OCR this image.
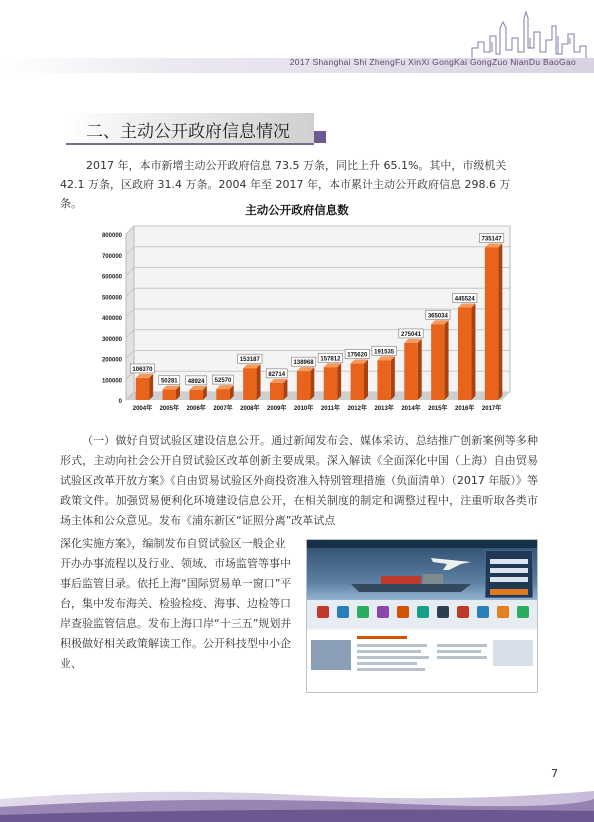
2017 Shanghai Shi ZhengFu XinXi GongKai GongZuo NianDu BaoGao
二、主动公开政府信息情况
2017 年，本市新增主动公开政府信息 73.5 万条，同比上升 65.1%。其中，市级机关
42.1 万条，区政府 31.4 万条。2004 年至 2017 年，本市累计主动公开政府信息 298.6 万条。	主动公开政府信息数
0
100000
200000
300000
400000
500000
600000
700000
800000
106370
2004年
50281
2005年
48924
2006年
52570
2007年
153187
2008年
82714
2009年
138968
2010年
157812
2011年
175620
2012年
191535
2013年
275041
2014年
365034
2015年
445524
2016年
735147
2017年

（一）做好自贸试验区建设信息公开。通过新闻发布会、媒体采访、总结推广创新案例等多种形式，主动向社会公开自贸试验区改革创新主要成果。深入解读《全面深化中国（上海）自由贸易试验区改革开放方案》《自由贸易试验区外商投资准入特别管理措施（负面清单）（2017 年版）》等政策文件。加强贸易便利化环境建设信息公开，在相关制度的制定和调整过程中，注重听取各类市场主体和公众意见。发布《浦东新区“证照分离”改革试点

深化实施方案》，编制发布自贸试验区一般企业开办办事流程以及行业、领域、市场监管等事中事后监管目录。依托上海“国际贸易单一窗口”平台，集中发布海关、检验检疫、海事、边检等口岸查验监管信息。发布上海口岸“十三五”规划并积极做好相关政策解读工作。公开科技型中小企业、
7
